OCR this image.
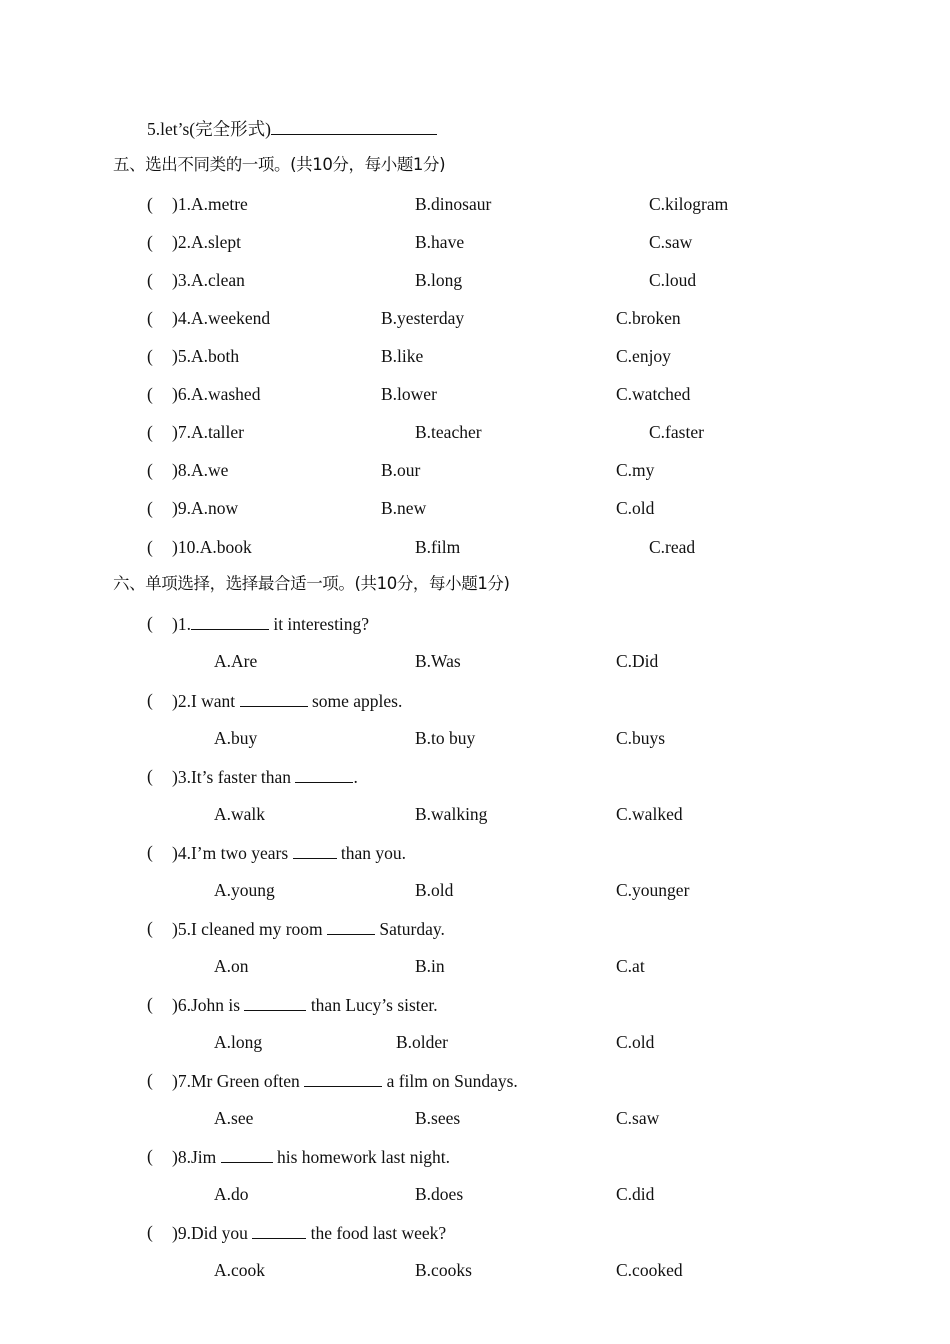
5.let’s(完全形式)
五、选出不同类的一项。(共10分，每小题1分)
( )1.A.metre	B.dinosaur	C.kilogram
( )2.A.slept	B.have	C.saw
( )3.A.clean	B.long	C.loud
( )4.A.weekend	B.yesterday	C.broken
( )5.A.both	B.like	C.enjoy
( )6.A.washed	B.lower	C.watched
( )7.A.taller	B.teacher	C.faster
( )8.A.we	B.our	C.my
( )9.A.now	B.new	C.old
( )10.A.book	B.film	C.read
六、单项选择，选择最合适一项。(共10分，每小题1分)
( )1.	it interesting?
A.Are	B.Was	C.Did
( )2.I want	some apples.
A.buy	B.to buy	C.buys
( )3.It’s faster than	.
A.walk	B.walking	C.walked
( )4.I’m two years	than you.
A.young	B.old	C.younger
( )5.I cleaned my room	Saturday.
A.on	B.in	C.at
( )6.John is	than Lucy’s sister.
A.long	B.older	C.old
( )7.Mr Green often	a film on Sundays.
A.see	B.sees	C.saw
( )8.Jim	his homework last night.
A.do	B.does	C.did
( )9.Did you	the food last week?
A.cook	B.cooks	C.cooked
